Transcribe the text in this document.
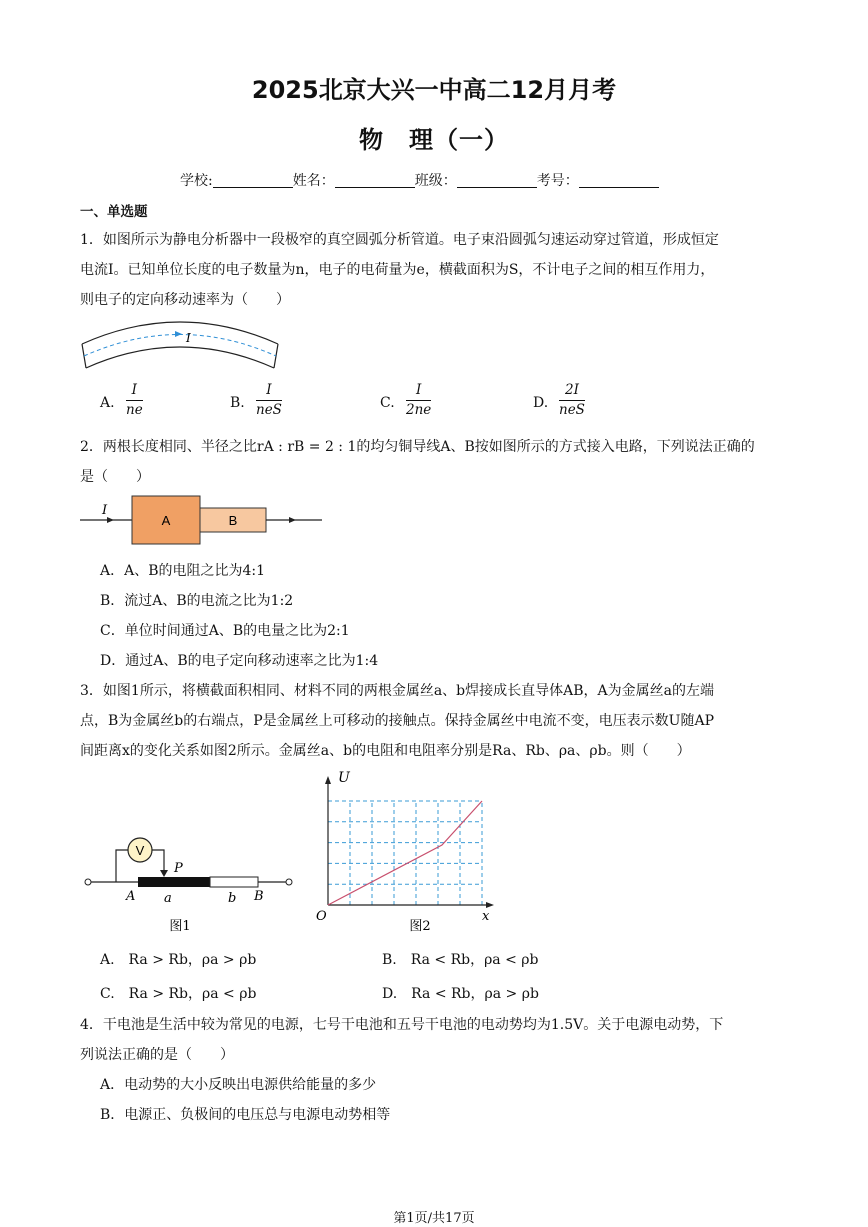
2025北京大兴一中高二12月月考
物　理（一）
学校:	姓名：	班级：	考号：
一、单选题
1．如图所示为静电分析器中一段极窄的真空圆弧分析管道。电子束沿圆弧匀速运动穿过管道，形成恒定
电流I。已知单位长度的电子数量为n，电子的电荷量为e，横截面积为S，不计电子之间的相互作用力，
则电子的定向移动速率为（　　）
I
A. $\frac{I}{ne}$	B.
I
neS	C. $\frac{I}{2ne}$	D.
2I
neS
2．两根长度相同、半径之比rA : rB = 2 : 1的均匀铜导线A、B按如图所示的方式接入电路，下列说法正确的
是（　　）
I
A	B
A．A、B的电阻之比为4:1
B．流过A、B的电流之比为1:2
C．单位时间通过A、B的电量之比为2:1
D．通过A、B的电子定向移动速率之比为1:4
3．如图1所示，将横截面积相同、材料不同的两根金属丝a、b焊接成长直导体AB，A为金属丝a的左端
点，B为金属丝b的右端点，P是金属丝上可移动的接触点。保持金属丝中电流不变，电压表示数U随AP
间距离x的变化关系如图2所示。金属丝a、b的电阻和电阻率分别是Ra、Rb、ρa、ρb。则（　　）
V
P
A a	b B
图1
U
x
O
图2
A.　Ra > Rb，ρa > ρb	B.　Ra < Rb，ρa < ρb
C.　Ra > Rb，ρa < ρb	D.　Ra < Rb，ρa > ρb
4．干电池是生活中较为常见的电源，七号干电池和五号干电池的电动势均为1.5V。关于电源电动势，下
列说法正确的是（　　）
A．电动势的大小反映出电源供给能量的多少
B．电源正、负极间的电压总与电源电动势相等
第1页/共17页
